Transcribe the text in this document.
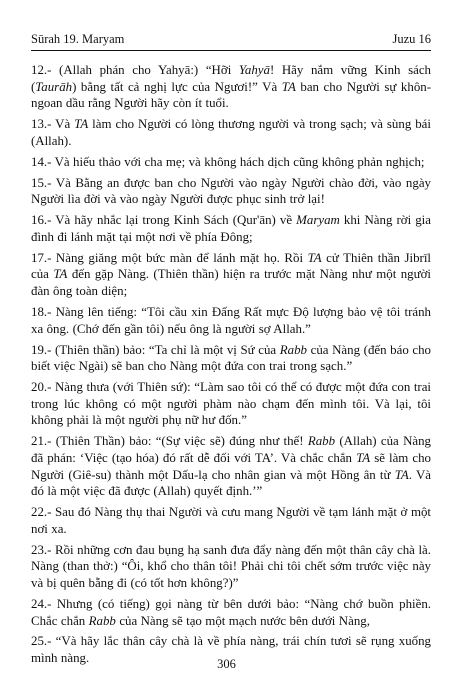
Sūrah 19. Maryam	Juzu 16

12.- (Allah phán cho Yahyā:) “Hỡi Yahyā! Hãy nắm vững Kinh sách (Taurāh) bằng tất cả nghị lực của Ngươi!” Và TA ban cho Người sự khôn-ngoan dầu rằng Người hãy còn ít tuổi.

13.- Và TA làm cho Người có lòng thương người và trong sạch; và sùng bái (Allah).

14.- Và hiếu thảo với cha mẹ; và không hách dịch cũng không phản nghịch;

15.- Và Bằng an được ban cho Người vào ngày Người chào đời, vào ngày Người lìa đời và vào ngày Người được phục sinh trở lại!

16.- Và hãy nhắc lại trong Kinh Sách (Qur'ān) về Maryam khi Nàng rời gia đình đi lánh mặt tại một nơi về phía Đông;

17.- Nàng giăng một bức màn để lánh mặt họ. Rồi TA cử Thiên thần Jibrīl của TA đến gặp Nàng. (Thiên thần) hiện ra trước mặt Nàng như một người đàn ông toàn diện;

18.- Nàng lên tiếng: “Tôi cầu xin Đấng Rất mực Độ lượng bảo vệ tôi tránh xa ông. (Chớ đến gần tôi) nếu ông là người sợ Allah.”

19.- (Thiên thần) bảo: “Ta chỉ là một vị Sứ của Rabb của Nàng (đến báo cho biết việc Ngài) sẽ ban cho Nàng một đứa con trai trong sạch.”

20.- Nàng thưa (với Thiên sứ): “Làm sao tôi có thể có được một đứa con trai trong lúc không có một người phàm nào chạm đến mình tôi. Và lại, tôi không phải là một người phụ nữ hư đốn.”

21.- (Thiên Thần) bảo: “(Sự việc sẽ) đúng như thế! Rabb (Allah) của Nàng đã phán: ‘Việc (tạo hóa) đó rất dễ đối với TA’. Và chắc chắn TA sẽ làm cho Người (Giê-su) thành một Dấu-lạ cho nhân gian và một Hồng ân từ TA. Và đó là một việc đã được (Allah) quyết định.’”

22.- Sau đó Nàng thụ thai Người và cưu mang Người về tạm lánh mặt ở một nơi xa.

23.- Rồi những cơn đau bụng hạ sanh đưa đẩy nàng đến một thân cây chà là. Nàng (than thở:) “Ôi, khổ cho thân tôi! Phải chi tôi chết sớm trước việc này và bị quên bẵng đi (có tốt hơn không?)”

24.- Nhưng (có tiếng) gọi nàng từ bên dưới bảo: “Nàng chớ buồn phiền. Chắc chắn Rabb của Nàng sẽ tạo một mạch nước bên dưới Nàng,

25.- “Và hãy lắc thân cây chà là về phía nàng, trái chín tươi sẽ rụng xuống mình nàng.	306
